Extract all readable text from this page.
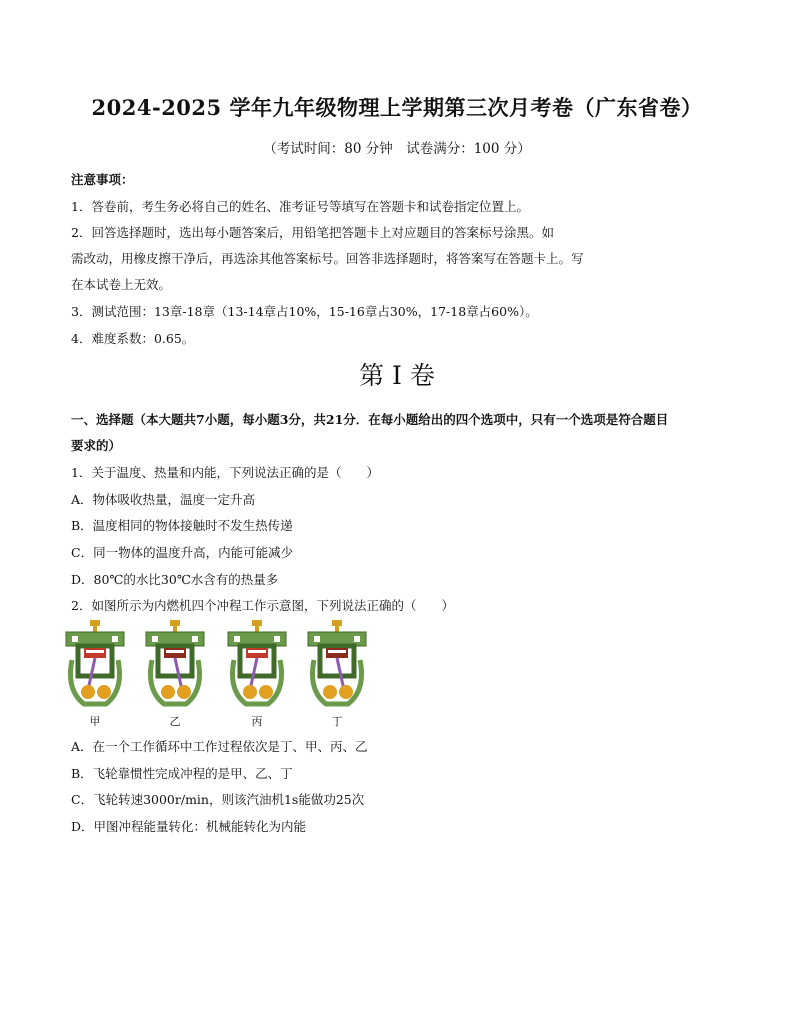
2024-2025 学年九年级物理上学期第三次月考卷（广东省卷）
（考试时间：80 分钟　试卷满分：100 分）
注意事项：
1．答卷前，考生务必将自己的姓名、准考证号等填写在答题卡和试卷指定位置上。
2．回答选择题时，选出每小题答案后，用铅笔把答题卡上对应题目的答案标号涂黑。如
需改动，用橡皮擦干净后，再选涂其他答案标号。回答非选择题时，将答案写在答题卡上。写
在本试卷上无效。
3．测试范围：13章-18章（13-14章占10%，15-16章占30%，17-18章占60%）。
4．难度系数：0.65。
第 I 卷
一、选择题（本大题共7小题，每小题3分，共21分．在每小题给出的四个选项中，只有一个选项是符合题目
要求的）
1．关于温度、热量和内能，下列说法正确的是（　　）
A．物体吸收热量，温度一定升高
B．温度相同的物体接触时不发生热传递
C．同一物体的温度升高，内能可能减少
D．80℃的水比30℃水含有的热量多
2．如图所示为内燃机四个冲程工作示意图，下列说法正确的（　　）
甲	乙	丙	丁
A．在一个工作循环中工作过程依次是丁、甲、丙、乙
B．飞轮靠惯性完成冲程的是甲、乙、丁
C．飞轮转速3000r/min，则该汽油机1s能做功25次
D．甲图冲程能量转化：机械能转化为内能
